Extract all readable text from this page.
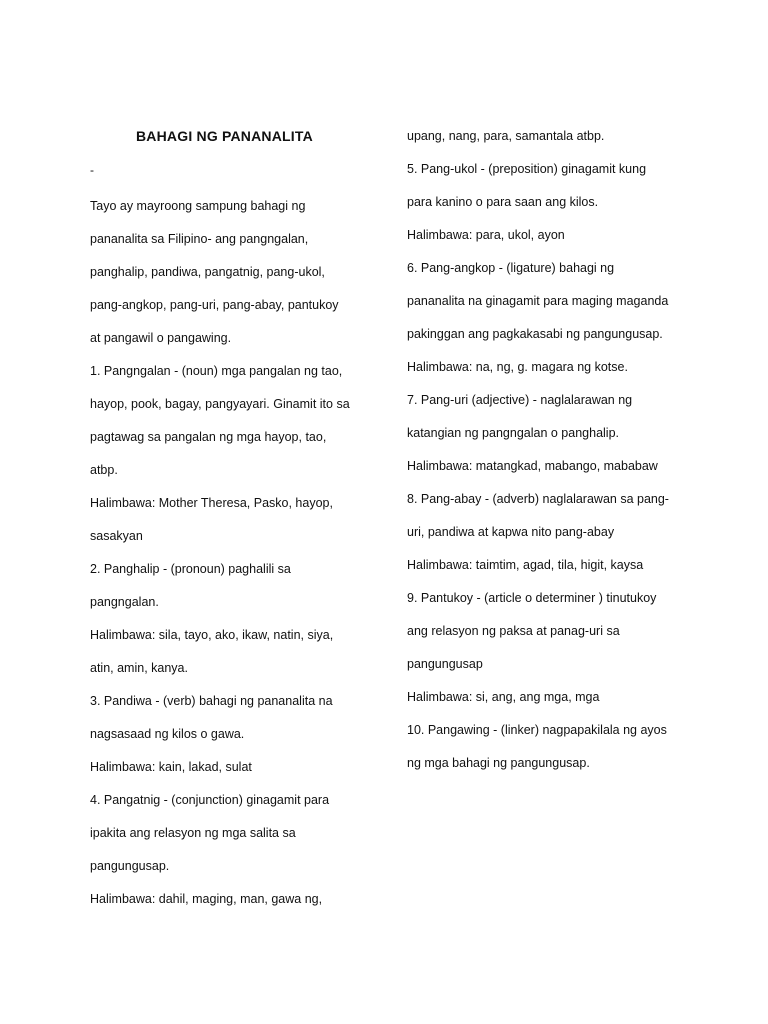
BAHAGI NG PANANALITA
-
Tayo ay mayroong sampung bahagi ng
pananalita sa Filipino- ang pangngalan,
panghalip, pandiwa, pangatnig, pang-ukol,
pang-angkop, pang-uri, pang-abay, pantukoy
at pangawil o pangawing.
1. Pangngalan - (noun) mga pangalan ng tao,
hayop, pook, bagay, pangyayari. Ginamit ito sa
pagtawag sa pangalan ng mga hayop, tao,
atbp.
Halimbawa: Mother Theresa, Pasko, hayop,
sasakyan
2. Panghalip - (pronoun) paghalili sa
pangngalan.
Halimbawa: sila, tayo, ako, ikaw, natin, siya,
atin, amin, kanya.
3. Pandiwa - (verb) bahagi ng pananalita na
nagsasaad ng kilos o gawa.
Halimbawa: kain, lakad, sulat
4. Pangatnig - (conjunction) ginagamit para
ipakita ang relasyon ng mga salita sa
pangungusap.
Halimbawa: dahil, maging, man, gawa ng,
upang, nang, para, samantala atbp.
5. Pang-ukol - (preposition) ginagamit kung
para kanino o para saan ang kilos.
Halimbawa: para, ukol, ayon
6. Pang-angkop - (ligature) bahagi ng
pananalita na ginagamit para maging maganda
pakinggan ang pagkakasabi ng pangungusap.
Halimbawa: na, ng, g. magara ng kotse.
7. Pang-uri (adjective) - naglalarawan ng
katangian ng pangngalan o panghalip.
Halimbawa: matangkad, mabango, mababaw
8. Pang-abay - (adverb) naglalarawan sa pang-
uri, pandiwa at kapwa nito pang-abay
Halimbawa: taimtim, agad, tila, higit, kaysa
9. Pantukoy - (article o determiner ) tinutukoy
ang relasyon ng paksa at panag-uri sa
pangungusap
Halimbawa: si, ang, ang mga, mga
10. Pangawing - (linker) nagpapakilala ng ayos
ng mga bahagi ng pangungusap.
